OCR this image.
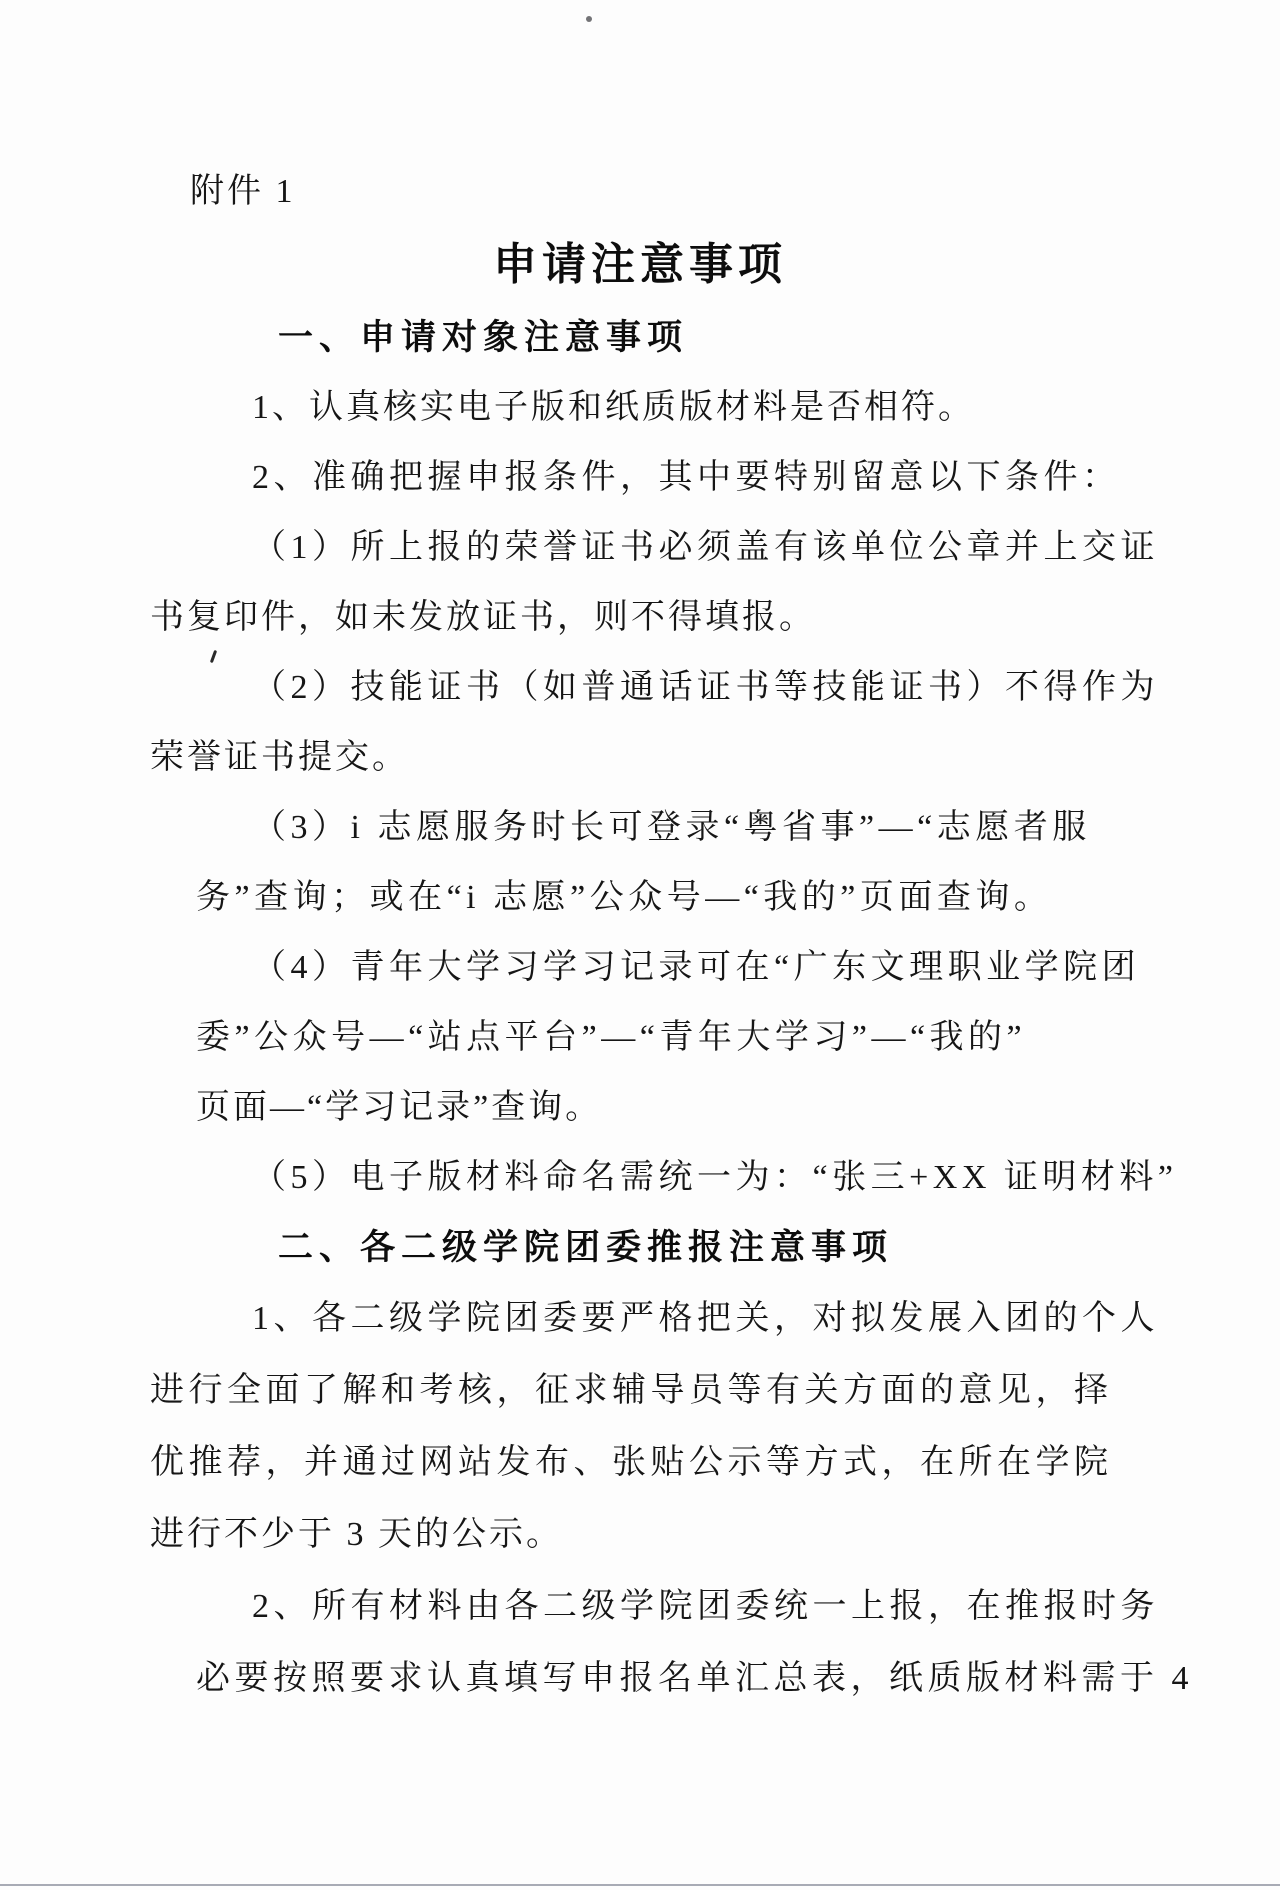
附件 1

申请注意事项
一、申请对象注意事项
1、认真核实电子版和纸质版材料是否相符。
2、准确把握申报条件，其中要特别留意以下条件：
（1）所上报的荣誉证书必须盖有该单位公章并上交证
书复印件，如未发放证书，则不得填报。
（2）技能证书（如普通话证书等技能证书）不得作为
荣誉证书提交。
（3）i 志愿服务时长可登录“粤省事”—“志愿者服
务”查询；或在“i 志愿”公众号—“我的”页面查询。
（4）青年大学习学习记录可在“广东文理职业学院团
委”公众号—“站点平台”—“青年大学习”—“我的”
页面—“学习记录”查询。
（5）电子版材料命名需统一为：“张三+XX 证明材料”
二、各二级学院团委推报注意事项
1、各二级学院团委要严格把关，对拟发展入团的个人
进行全面了解和考核，征求辅导员等有关方面的意见，择
优推荐，并通过网站发布、张贴公示等方式，在所在学院
进行不少于 3 天的公示。
2、所有材料由各二级学院团委统一上报，在推报时务
必要按照要求认真填写申报名单汇总表，纸质版材料需于 4
